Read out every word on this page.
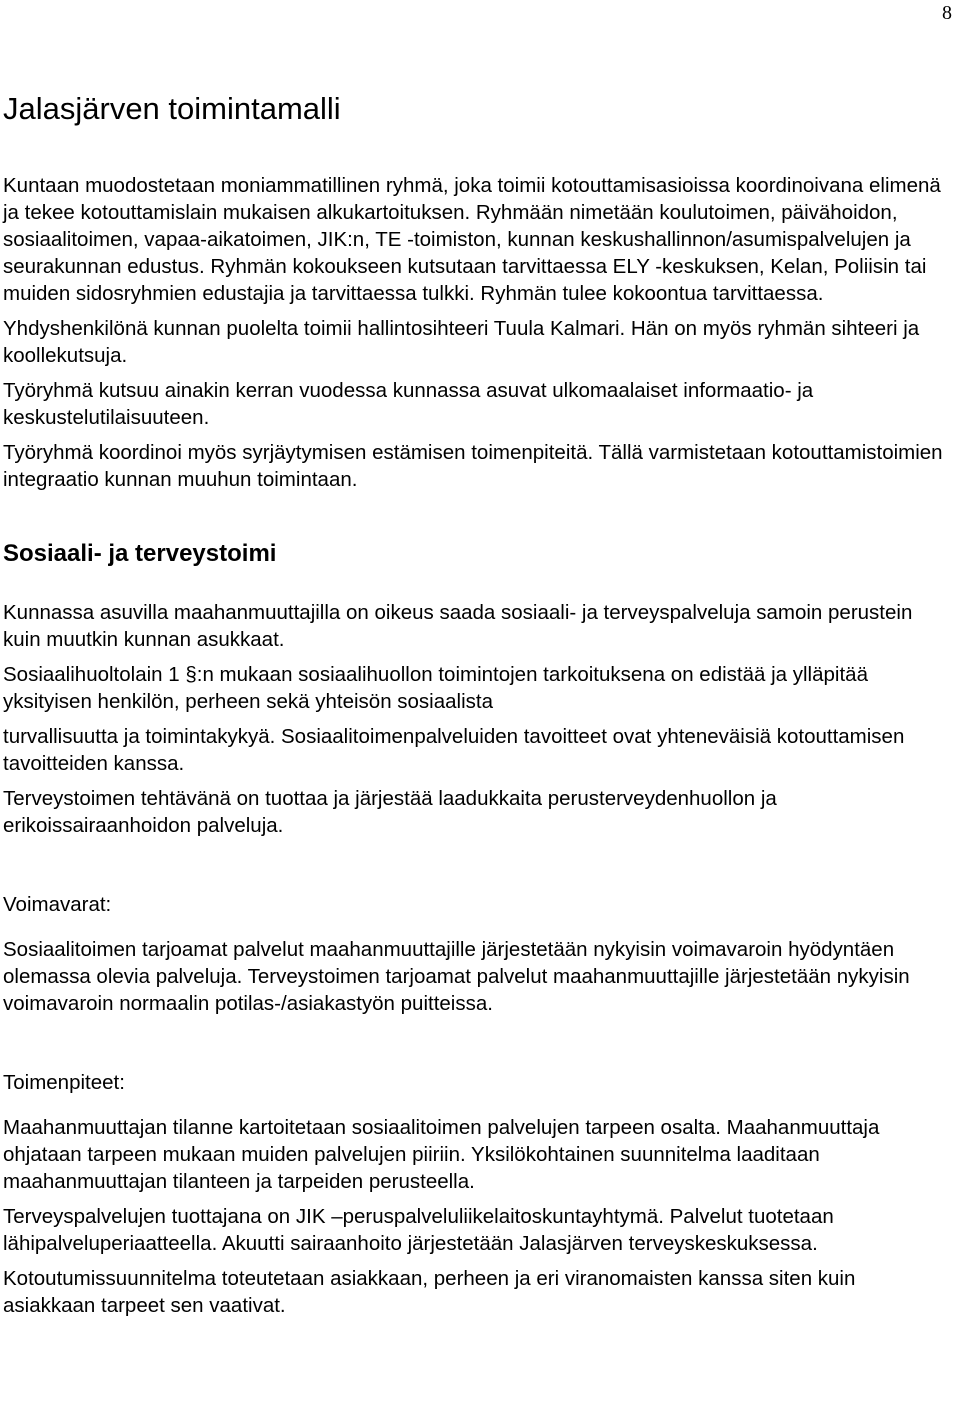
8
Jalasjärven toimintamalli

Kuntaan muodostetaan moniammatillinen ryhmä, joka toimii kotouttamisasioissa koordinoivana elimenä ja tekee kotouttamislain mukaisen alkukartoituksen. Ryhmään nimetään koulutoimen, päivähoidon, sosiaalitoimen, vapaa-aikatoimen, JIK:n, TE -toimiston, kunnan keskushallinnon/asumispalvelujen ja seurakunnan edustus. Ryhmän kokoukseen kutsutaan tarvittaessa ELY -keskuksen, Kelan, Poliisin tai muiden sidosryhmien edustajia ja tarvittaessa tulkki. Ryhmän tulee kokoontua tarvittaessa.

Yhdyshenkilönä kunnan puolelta toimii hallintosihteeri Tuula Kalmari. Hän on myös ryhmän sihteeri ja koollekutsuja.

Työryhmä kutsuu ainakin kerran vuodessa kunnassa asuvat ulkomaalaiset informaatio- ja keskustelutilaisuuteen.

Työryhmä koordinoi myös syrjäytymisen estämisen toimenpiteitä. Tällä varmistetaan kotouttamistoimien integraatio kunnan muuhun toimintaan.

Sosiaali- ja terveystoimi

Kunnassa asuvilla maahanmuuttajilla on oikeus saada sosiaali- ja terveyspalveluja samoin perustein kuin muutkin kunnan asukkaat.

Sosiaalihuoltolain 1 §:n mukaan sosiaalihuollon toimintojen tarkoituksena on edistää ja ylläpitää yksityisen henkilön, perheen sekä yhteisön sosiaalista

turvallisuutta ja toimintakykyä. Sosiaalitoimenpalveluiden tavoitteet ovat yhteneväisiä kotouttamisen tavoitteiden kanssa.

Terveystoimen tehtävänä on tuottaa ja järjestää laadukkaita perusterveydenhuollon ja erikoissairaanhoidon palveluja.

Voimavarat:

Sosiaalitoimen tarjoamat palvelut maahanmuuttajille järjestetään nykyisin voimavaroin hyödyntäen olemassa olevia palveluja. Terveystoimen tarjoamat palvelut maahanmuuttajille järjestetään nykyisin voimavaroin normaalin potilas-/asiakastyön puitteissa.

Toimenpiteet:

Maahanmuuttajan tilanne kartoitetaan sosiaalitoimen palvelujen tarpeen osalta. Maahanmuuttaja ohjataan tarpeen mukaan muiden palvelujen piiriin. Yksilökohtainen suunnitelma laaditaan maahanmuuttajan tilanteen ja tarpeiden perusteella.

Terveyspalvelujen tuottajana on JIK –peruspalveluliikelaitoskuntayhtymä. Palvelut tuotetaan lähipalveluperiaatteella. Akuutti sairaanhoito järjestetään Jalasjärven terveyskeskuksessa.

Kotoutumissuunnitelma toteutetaan asiakkaan, perheen ja eri viranomaisten kanssa siten kuin asiakkaan tarpeet sen vaativat.
